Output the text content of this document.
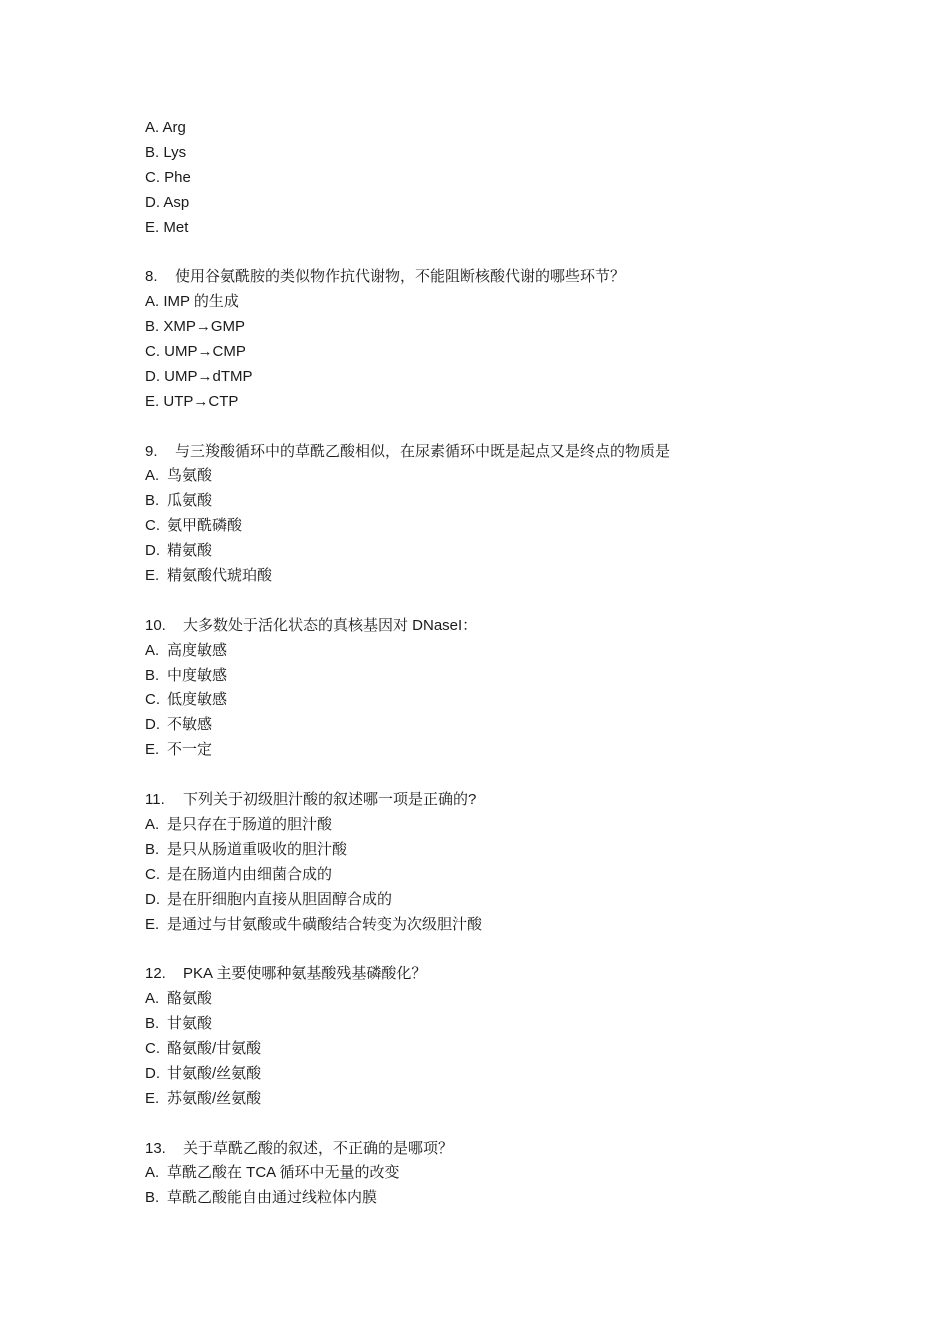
A. Arg
B. Lys
C. Phe
D. Asp
E. Met
8. 使用谷氨酰胺的类似物作抗代谢物，不能阻断核酸代谢的哪些环节？
A. IMP 的生成
B. XMP→GMP
C. UMP→CMP
D. UMP→dTMP
E. UTP→CTP
9. 与三羧酸循环中的草酰乙酸相似，在尿素循环中既是起点又是终点的物质是
A. 鸟氨酸
B. 瓜氨酸
C. 氨甲酰磷酸
D. 精氨酸
E. 精氨酸代琥珀酸
10. 大多数处于活化状态的真核基因对 DNaseI：
A. 高度敏感
B. 中度敏感
C. 低度敏感
D. 不敏感
E. 不一定
11. 下列关于初级胆汁酸的叙述哪一项是正确的?
A. 是只存在于肠道的胆汁酸
B. 是只从肠道重吸收的胆汁酸
C. 是在肠道内由细菌合成的
D. 是在肝细胞内直接从胆固醇合成的
E. 是通过与甘氨酸或牛磺酸结合转变为次级胆汁酸
12. PKA 主要使哪种氨基酸残基磷酸化？
A. 酪氨酸
B. 甘氨酸
C. 酪氨酸/甘氨酸
D. 甘氨酸/丝氨酸
E. 苏氨酸/丝氨酸
13. 关于草酰乙酸的叙述，不正确的是哪项？
A. 草酰乙酸在 TCA 循环中无量的改变
B. 草酰乙酸能自由通过线粒体内膜
